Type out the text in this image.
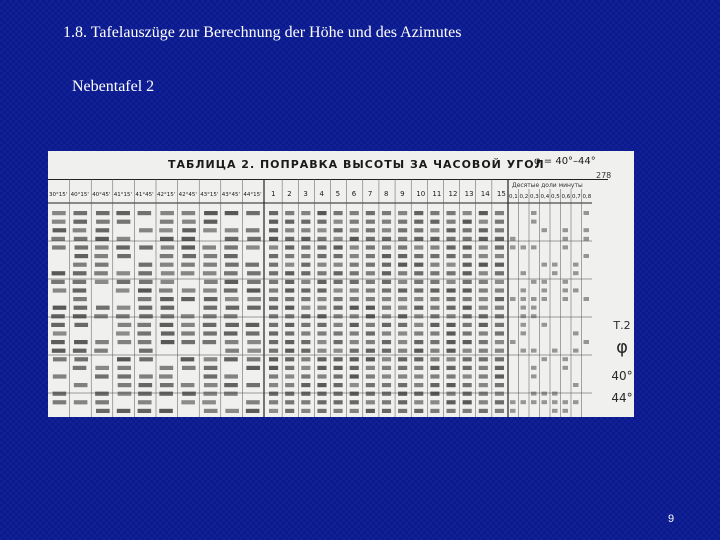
1.8. Tafelauszüge zur Berechnung der Höhe und des Azimutes
Nebentafel 2
ТАБЛИЦА 2. ПОПРАВКА ВЫСОТЫ ЗА ЧАСОВОЙ УГОЛ
φ = 40°–44°
278
Десятые доли минуты
30°15' 40°15' 40°45' 41°15' 41°45' 42°15' 42°45' 43°15' 43°45' 44°15' 1 2 3 4 5 6 7 8 9 10 11 12 13 14 15 0,1 0,2 0,3 0,4 0,5 0,6 0,7 0,8
Т.2
φ
40°
44°
9
